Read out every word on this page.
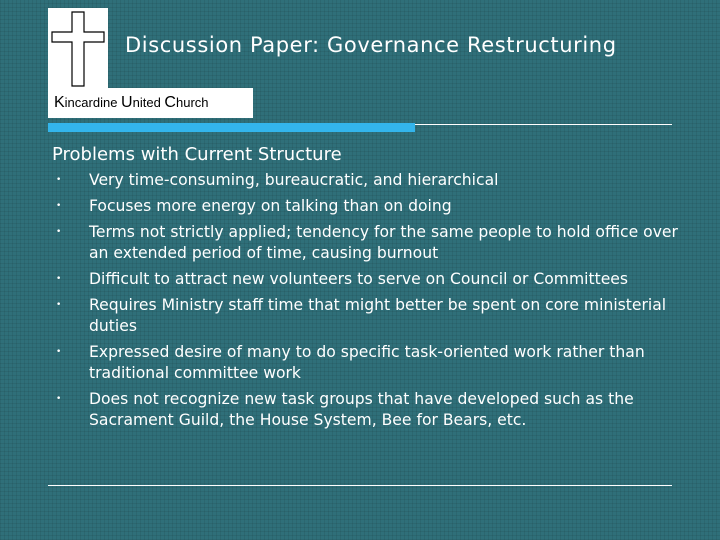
Discussion Paper: Governance Restructuring
Kincardine United Church
Problems with Current Structure
• Very time-consuming, bureaucratic, and hierarchical
• Focuses more energy on talking than on doing
• Terms not strictly applied; tendency for the same people to hold office over an extended period of time, causing burnout
• Difficult to attract new volunteers to serve on Council or Committees
• Requires Ministry staff time that might better be spent on core ministerial duties
• Expressed desire of many to do specific task-oriented work rather than traditional committee work
• Does not recognize new task groups that have developed such as the Sacrament Guild, the House System, Bee for Bears, etc.
